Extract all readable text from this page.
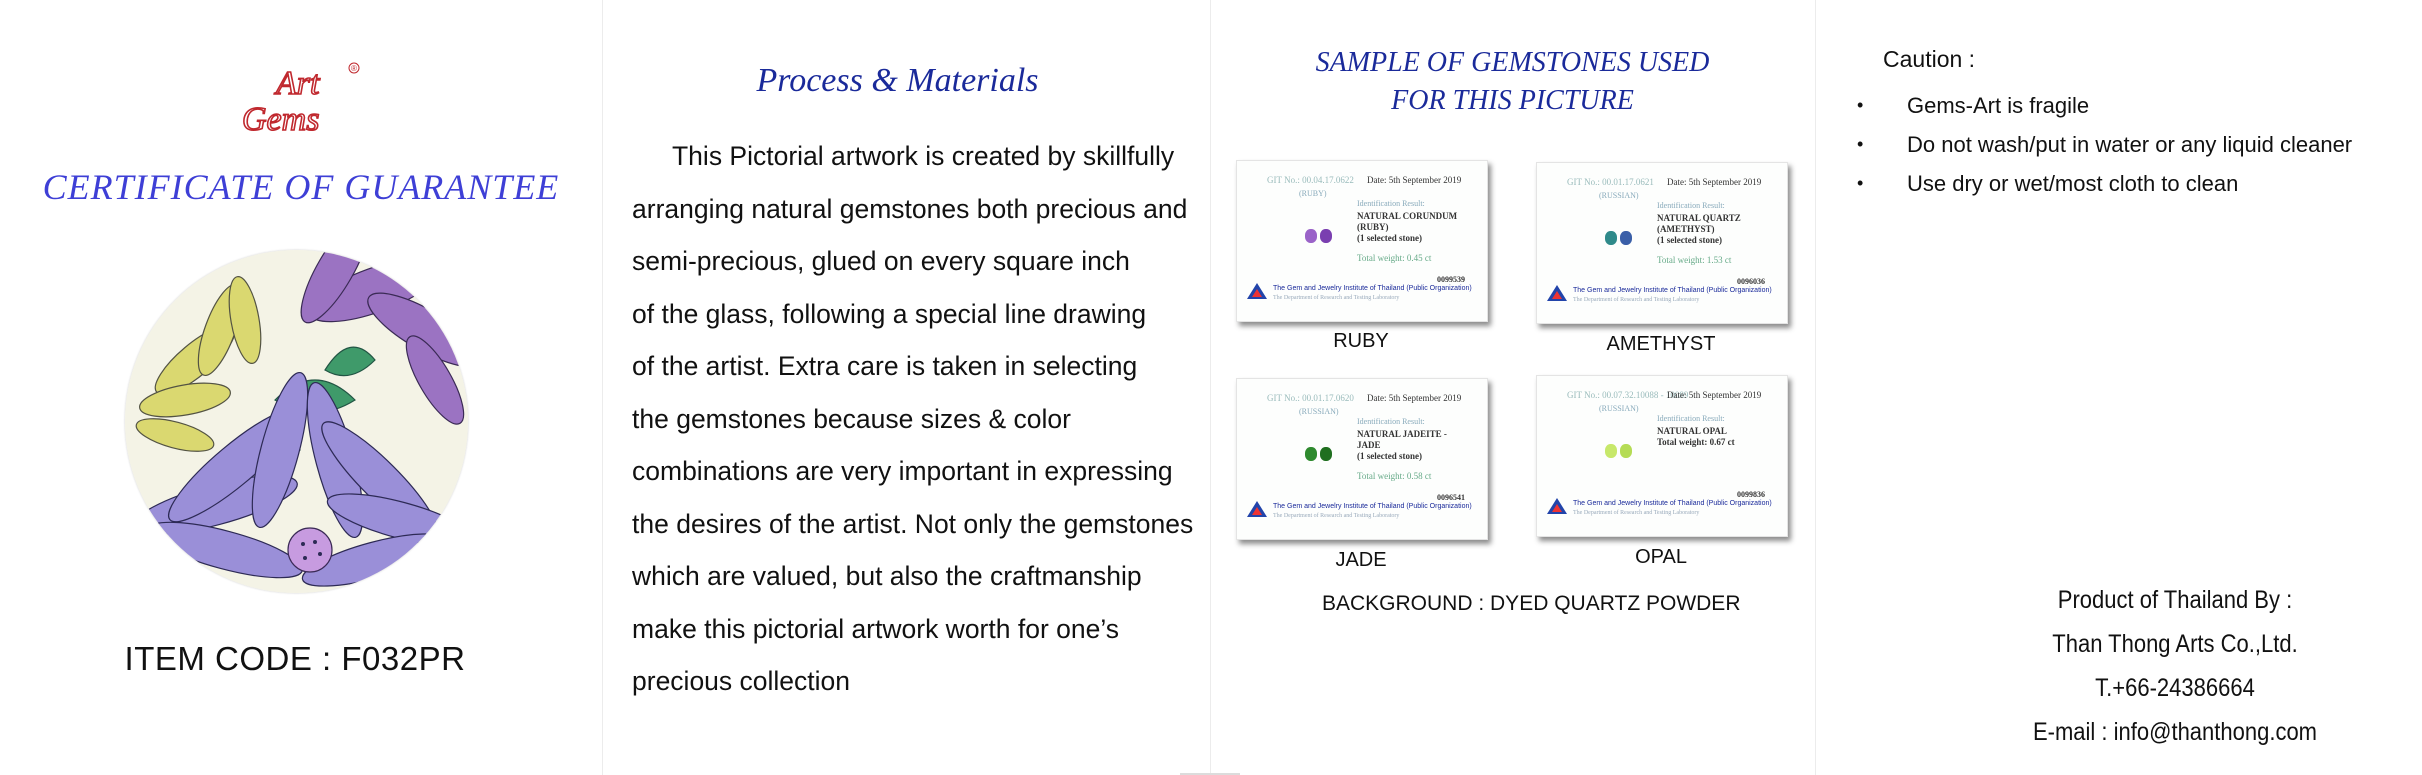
Art
Gems
®
CERTIFICATE OF GUARANTEE
ITEM CODE : F032PR
Process & Materials
This Pictorial artwork is created by skillfully
arranging natural gemstones both precious and
semi-precious, glued on every square inch
of the glass, following a special line drawing
of the artist. Extra care is taken in selecting
the gemstones because sizes & color
combinations are very important in expressing
the desires of the artist. Not only the gemstones
which are valued, but also the craftmanship
make this pictorial artwork worth for one’s
precious collection
SAMPLE OF GEMSTONES USED
FOR THIS PICTURE
GIT No.: 00.04.17.0622 Date: 5th September 2019
(RUBY)
Identification Result:
NATURAL CORUNDUM
(RUBY)
(1 selected stone)
Total weight: 0.45 ct
0099539
The Gem and Jewelry Institute of Thailand (Public Organization)
The Department of Research and Testing Laboratory
GIT No.: 00.01.17.0621 Date: 5th September 2019
(RUSSIAN)
Identification Result:
NATURAL QUARTZ
(AMETHYST)
(1 selected stone)
Total weight: 1.53 ct
0096036
The Gem and Jewelry Institute of Thailand (Public Organization)
The Department of Research and Testing Laboratory
GIT No.: 00.01.17.0620 Date: 5th September 2019
(RUSSIAN)
Identification Result:
NATURAL JADEITE -
JADE
(1 selected stone)
Total weight: 0.58 ct
0096541
The Gem and Jewelry Institute of Thailand (Public Organization)
The Department of Research and Testing Laboratory
GIT No.: 00.07.32.10088 - 10089
Date: 5th September 2019
(RUSSIAN)
Identification Result:
NATURAL OPAL
Total weight: 0.67 ct
0099836
The Gem and Jewelry Institute of Thailand (Public Organization)
The Department of Research and Testing Laboratory
RUBY	AMETHYST
JADE	OPAL
BACKGROUND : DYED QUARTZ POWDER
Caution :
•	Gems-Art is fragile
•	Do not wash/put in water or any liquid cleaner
•	Use dry or wet/most cloth to clean
Product of Thailand By :
Than Thong Arts Co.,Ltd.
T.+66-24386664
E-mail : info@thanthong.com
